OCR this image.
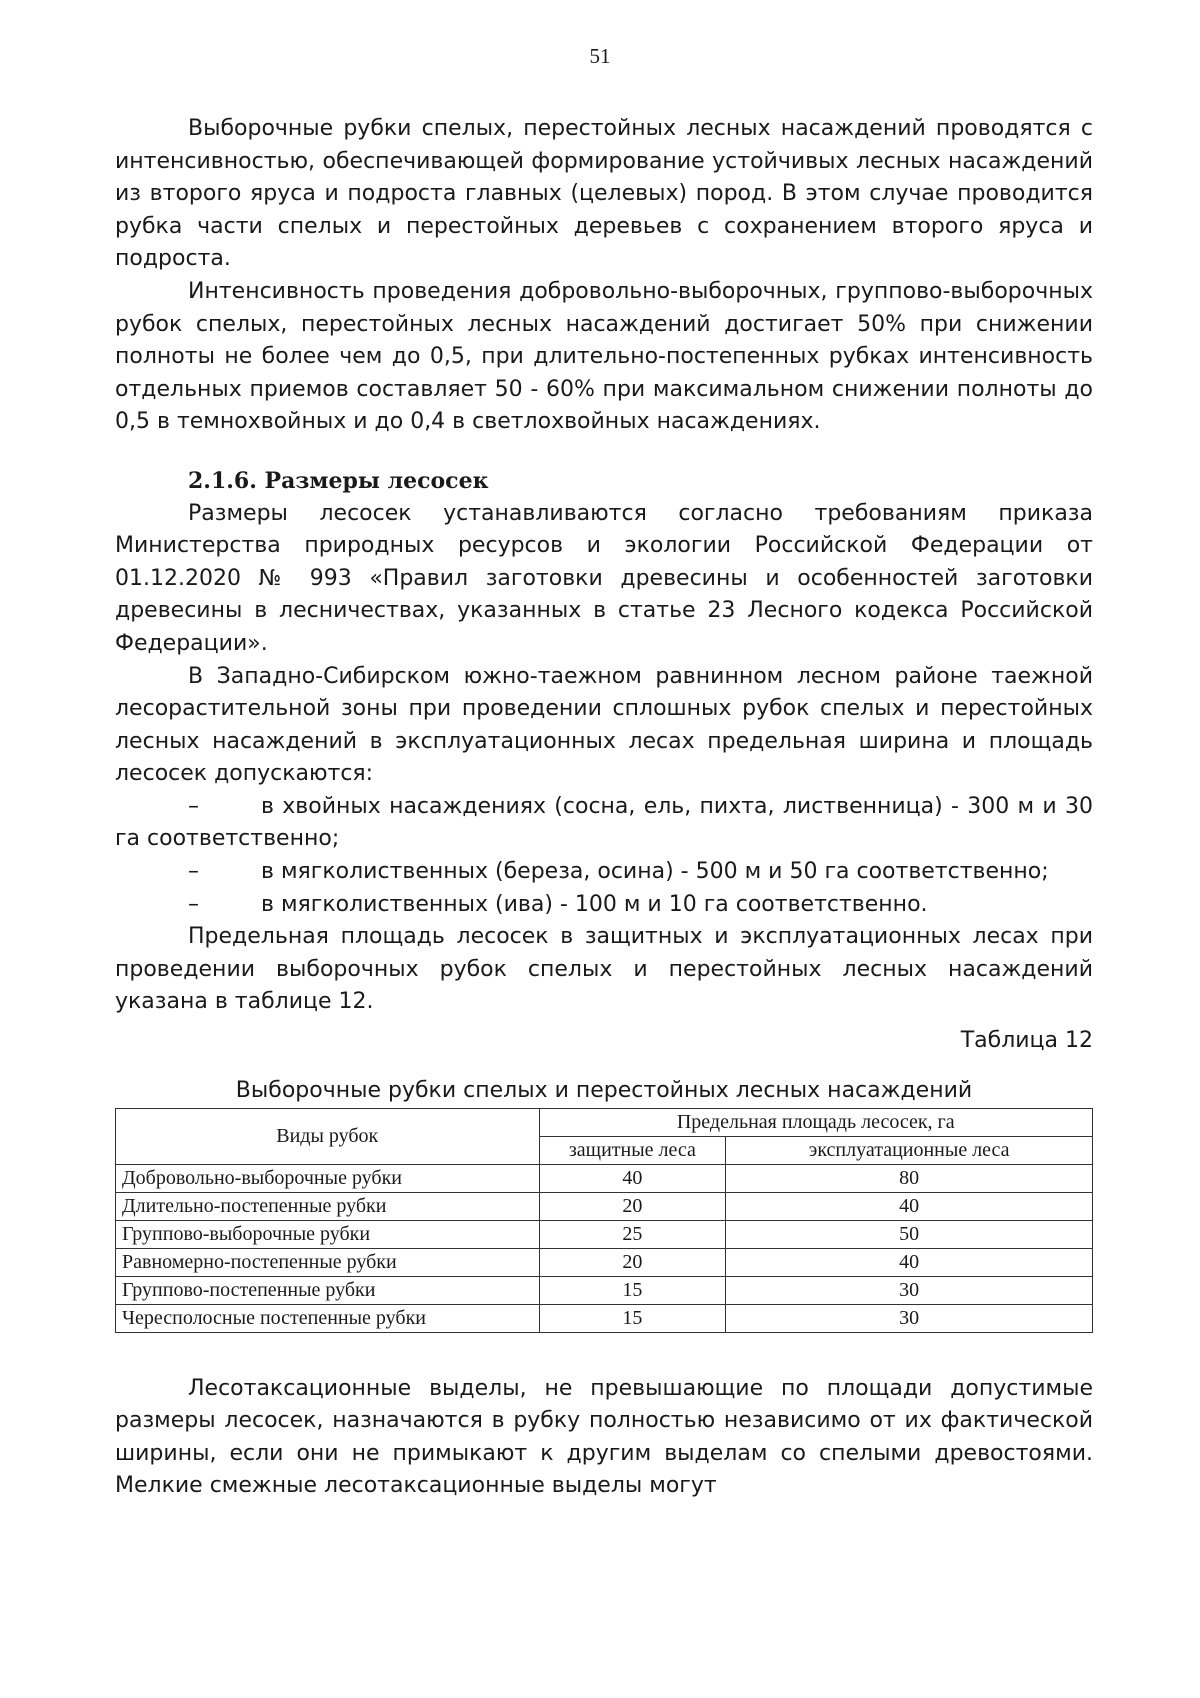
51

Выборочные рубки спелых, перестойных лесных насаждений проводятся с интенсивностью, обеспечивающей формирование устойчивых лесных насаждений из второго яруса и подроста главных (целевых) пород. В этом случае проводится рубка части спелых и перестойных деревьев с сохранением второго яруса и подроста.

Интенсивность проведения добровольно-выборочных, группово-выборочных рубок спелых, перестойных лесных насаждений достигает 50% при снижении полноты не более чем до 0,5, при длительно-постепенных рубках интенсивность отдельных приемов составляет 50 - 60% при максимальном снижении полноты до 0,5 в темнохвойных и до 0,4 в светлохвойных насаждениях.

2.1.6. Размеры лесосек

Размеры лесосек устанавливаются согласно требованиям приказа Министерства природных ресурсов и экологии Российской Федерации от 01.12.2020 № 993 «Правил заготовки древесины и особенностей заготовки древесины в лесничествах, указанных в статье 23 Лесного кодекса Российской Федерации».

В Западно-Сибирском южно-таежном равнинном лесном районе таежной лесорастительной зоны при проведении сплошных рубок спелых и перестойных лесных насаждений в эксплуатационных лесах предельная ширина и площадь лесосек допускаются:

–	в хвойных насаждениях (сосна, ель, пихта, лиственница) - 300 м и 30 га соответственно;

–	в мягколиственных (береза, осина) - 500 м и 50 га соответственно;

–	в мягколиственных (ива) - 100 м и 10 га соответственно.

Предельная площадь лесосек в защитных и эксплуатационных лесах при проведении выборочных рубок спелых и перестойных лесных насаждений указана в таблице 12.

Таблица 12

Выборочные рубки спелых и перестойных лесных насаждений
Виды рубок	Предельная площадь лесосек, га	
	защитные леса	эксплуатационные леса
Добровольно-выборочные рубки	40	80
Длительно-постепенные рубки	20	40
Группово-выборочные рубки	25	50
Равномерно-постепенные рубки	20	40
Группово-постепенные рубки	15	30
Чересполосные постепенные рубки	15	30

Лесотаксационные выделы, не превышающие по площади допустимые размеры лесосек, назначаются в рубку полностью независимо от их фактической ширины, если они не примыкают к другим выделам со спелыми древостоями. Мелкие смежные лесотаксационные выделы могут
